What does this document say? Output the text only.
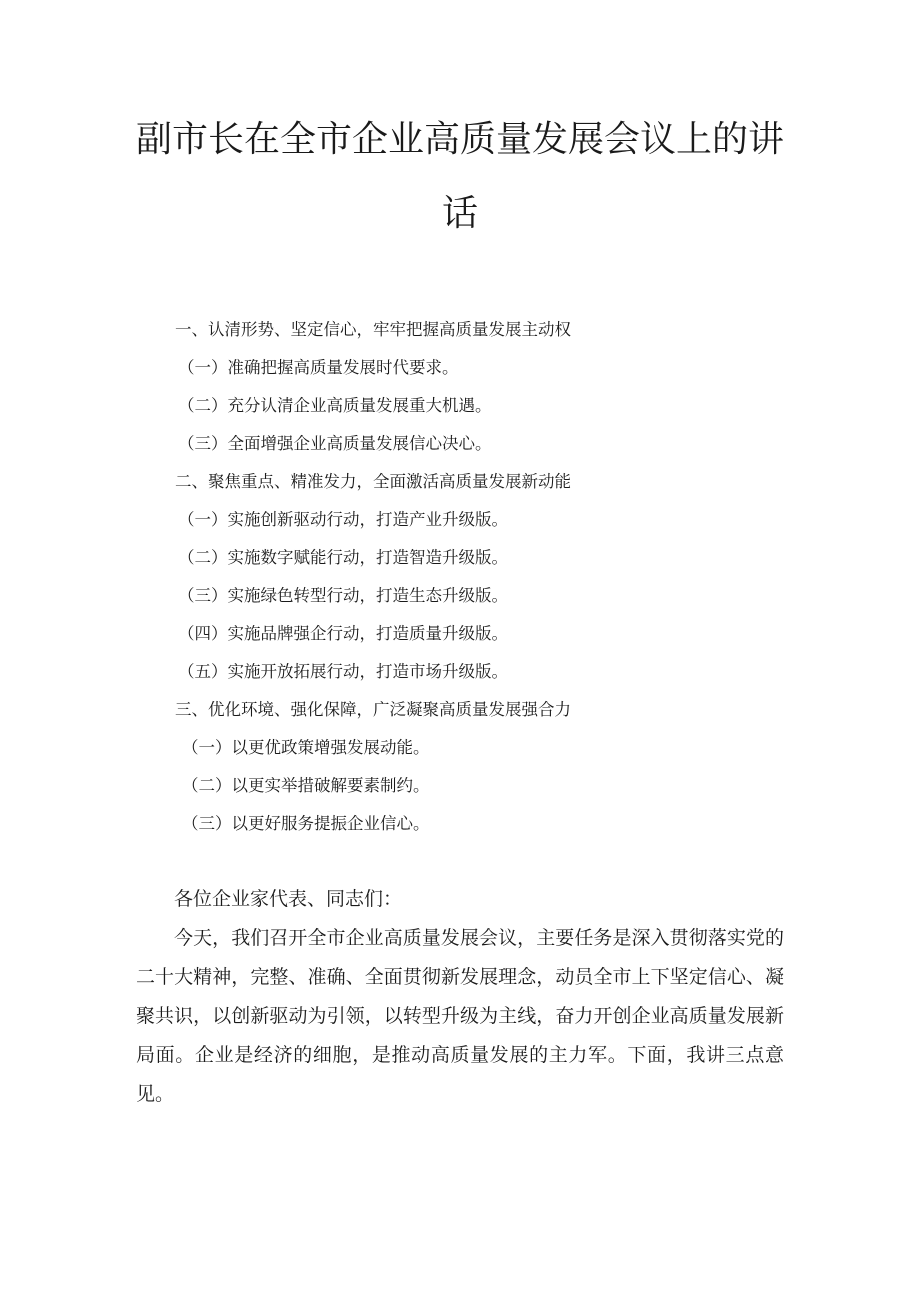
副市长在全市企业高质量发展会议上的讲
话
一、认清形势、坚定信心，牢牢把握高质量发展主动权
（一）准确把握高质量发展时代要求。
（二）充分认清企业高质量发展重大机遇。
（三）全面增强企业高质量发展信心决心。
二、聚焦重点、精准发力，全面激活高质量发展新动能
（一）实施创新驱动行动，打造产业升级版。
（二）实施数字赋能行动，打造智造升级版。
（三）实施绿色转型行动，打造生态升级版。
（四）实施品牌强企行动，打造质量升级版。
（五）实施开放拓展行动，打造市场升级版。
三、优化环境、强化保障，广泛凝聚高质量发展强合力
（一）以更优政策增强发展动能。
（二）以更实举措破解要素制约。
（三）以更好服务提振企业信心。

各位企业家代表、同志们：

今天，我们召开全市企业高质量发展会议，主要任务是深入贯彻落实党的二十大精神，完整、准确、全面贯彻新发展理念，动员全市上下坚定信心、凝聚共识，以创新驱动为引领，以转型升级为主线，奋力开创企业高质量发展新局面。企业是经济的细胞，是推动高质量发展的主力军。下面，我讲三点意见。
